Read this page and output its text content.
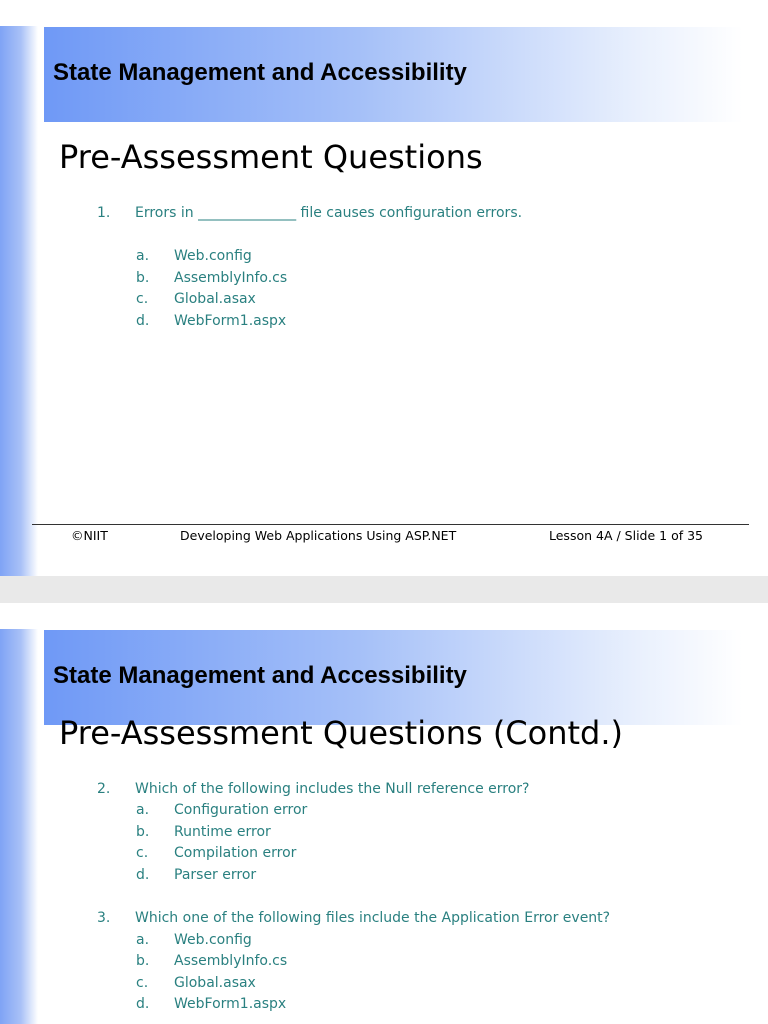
State Management and Accessibility
Pre-Assessment Questions
1. Errors in ______________ file causes configuration errors.
a. Web.config
b. AssemblyInfo.cs
c. Global.asax
d. WebForm1.aspx
©NIIT	Developing Web Applications Using ASP.NET	Lesson 4A / Slide 1 of 35
State Management and Accessibility
Pre-Assessment Questions (Contd.)
2. Which of the following includes the Null reference error?
a. Configuration error
b. Runtime error
c. Compilation error
d. Parser error
3. Which one of the following files include the Application Error event?
a. Web.config
b. AssemblyInfo.cs
c. Global.asax
d. WebForm1.aspx
